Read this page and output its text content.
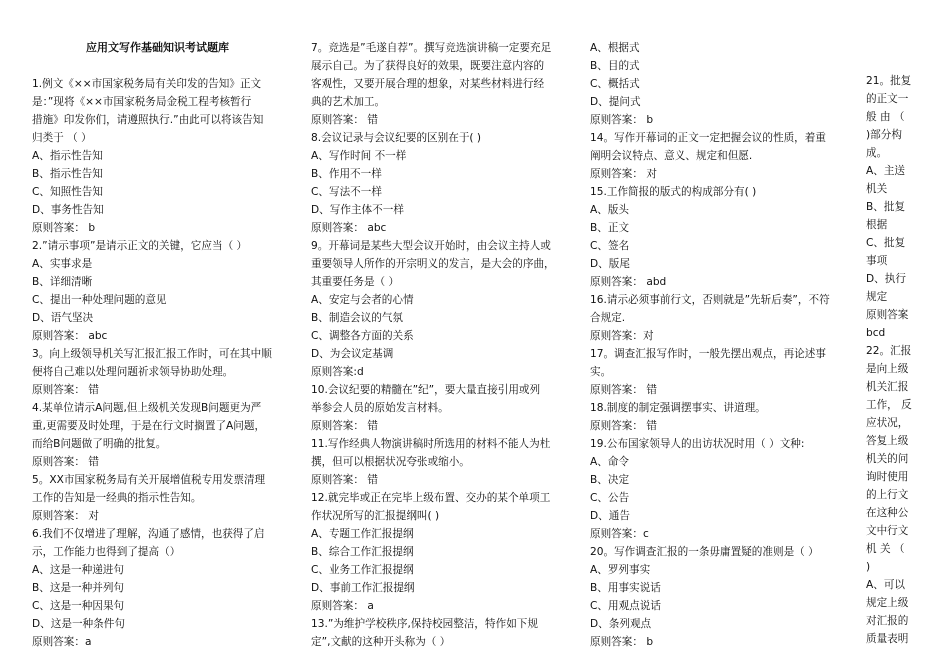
应用文写作基础知识考试题库
1.例文《××市国家税务局有关印发的告知》正文
是：”现将《××市国家税务局金税工程考核暂行
措施》印发你们，请遵照执行.”由此可以将该告知
归类于 （ ）
A、指示性告知
B、指示性告知
C、知照性告知
D、事务性告知
原则答案： b
2.”请示事项”是请示正文的关键，它应当（ ）
A、实事求是
B、详细清晰
C、提出一种处理问题的意见
D、语气坚决
原则答案： abc
3。向上级领导机关写汇报汇报工作时，可在其中顺
便将自己难以处理问题祈求领导协助处理。
原则答案： 错
4.某单位请示A问题,但上级机关发现B问题更为严
重,更需要及时处理，于是在行文时搁置了A问题，
而给B问题做了明确的批复。
原则答案： 错
5。XX市国家税务局有关开展增值税专用发票清理
工作的告知是一经典的指示性告知。
原则答案： 对
6.我们不仅增进了理解，沟通了感情，也获得了启
示，工作能力也得到了提高（）
A、这是一种递进句
B、这是一种并列句
C、这是一种因果句
D、这是一种条件句
原则答案：a
7。竞选是”毛遂自荐”。撰写竞选演讲稿一定要充足
展示自己。为了获得良好的效果，既要注意内容的
客观性，又要开展合理的想象，对某些材料进行经
典的艺术加工。
原则答案： 错
8.会议记录与会议纪要的区别在于( )
A、写作时间 不一样
B、作用不一样
C、写法不一样
D、写作主体不一样
原则答案： abc
9。开幕词是某些大型会议开始时，由会议主持人或
重要领导人所作的开宗明义的发言，是大会的序曲，
其重要任务是（ ）
A、安定与会者的心情
B、制造会议的气氛
C、调整各方面的关系
D、为会议定基调
原则答案:d
10.会议纪要的精髓在”纪”，要大量直接引用或列
举参会人员的原始发言材料。
原则答案： 错
11.写作经典人物演讲稿时所选用的材料不能人为杜
撰，但可以根据状况夸张或缩小。
原则答案： 错
12.就完毕或正在完毕上级布置、交办的某个单项工
作状况所写的汇报提纲叫( )
A、专题工作汇报提纲
B、综合工作汇报提纲
C、业务工作汇报提纲
D、事前工作汇报提纲
原则答案： a
13.”为维护学校秩序,保持校园整洁，特作如下规
定”,文献的这种开头称为（ ）
A、根据式
B、目的式
C、概括式
D、提问式
原则答案： b
14。写作开幕词的正文一定把握会议的性质，着重
阐明会议特点、意义、规定和但愿.
原则答案： 对
15.工作简报的版式的构成部分有( )
A、版头
B、正文
C、签名
D、版尾
原则答案： abd
16.请示必须事前行文，否则就是”先斩后奏”，不符
合规定.
原则答案：对
17。调查汇报写作时，一般先摆出观点，再论述事
实。
原则答案： 错
18.制度的制定强调摆事实、讲道理。
原则答案： 错
19.公布国家领导人的出访状况时用（ ）文种:
A、命令
B、决定
C、公告
D、通告
原则答案：c
20。写作调查汇报的一条毋庸置疑的准则是（ ）
A、罗列事实
B、用事实说话
C、用观点说话
D、条列观点
原则答案： b
21。批复
的正文一
般 由 （
)部分构
成。
A、主送
机关
B、批复
根据
C、批复
事项
D、执行
规定
原则答案
bcd
22。汇报
是向上级
机关汇报
工作， 反
应状况，
答复上级
机关的问
询时使用
的上行文
在这种公
文中行文
机 关 （
)
A、可以
规定上级
对汇报的
质量表明
